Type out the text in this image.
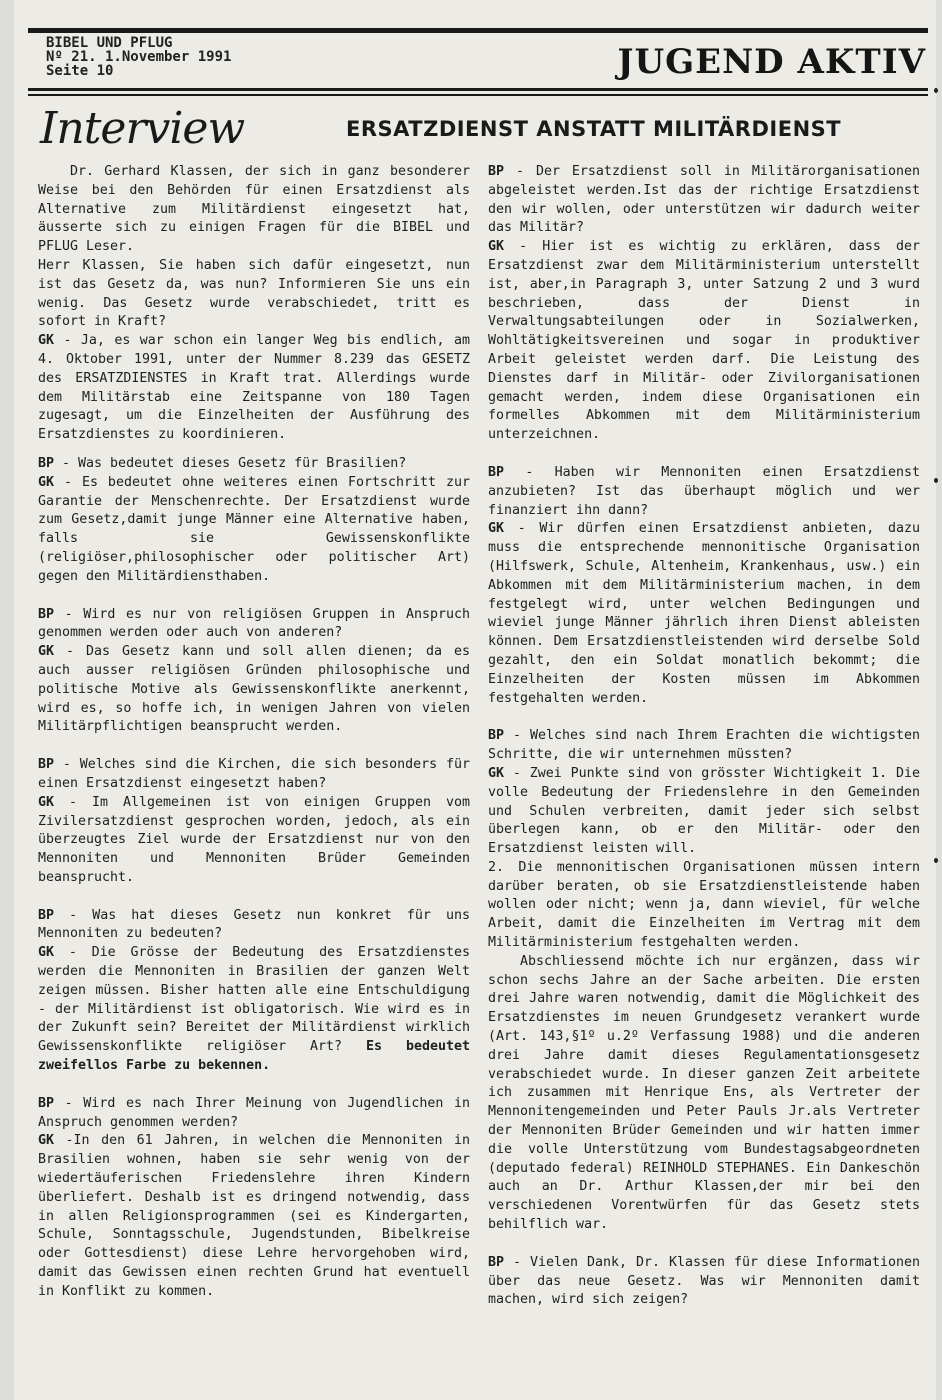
BIBEL UND PFLUG
Nº 21. 1.November 1991
Seite 10	JUGEND AKTIV
Interview	ERSATZDIENST ANSTATT MILITÄRDIENST

Dr. Gerhard Klassen, der sich in ganz besonderer Weise bei den Behörden für einen Ersatzdienst als Alternative zum Militärdienst eingesetzt hat, äusserte sich zu einigen Fragen für die BIBEL und PFLUG Leser.

Herr Klassen, Sie haben sich dafür eingesetzt, nun ist das Gesetz da, was nun? Informieren Sie uns ein wenig. Das Gesetz wurde verabschiedet, tritt es sofort in Kraft?

GK - Ja, es war schon ein langer Weg bis endlich, am 4. Oktober 1991, unter der Nummer 8.239 das GESETZ des ERSATZDIENSTES in Kraft trat. Allerdings wurde dem Militärstab eine Zeitspanne von 180 Tagen zugesagt, um die Einzelheiten der Ausführung des Ersatzdienstes zu koordinieren.

BP - Was bedeutet dieses Gesetz für Brasilien?

GK - Es bedeutet ohne weiteres einen Fortschritt zur Garantie der Menschenrechte. Der Ersatzdienst wurde zum Gesetz,damit junge Männer eine Alternative haben, falls sie Gewissenskonflikte (religiöser,philosophischer oder politischer Art) gegen den Militärdiensthaben.

BP - Wird es nur von religiösen Gruppen in Anspruch genommen werden oder auch von anderen?

GK - Das Gesetz kann und soll allen dienen; da es auch ausser religiösen Gründen philosophische und politische Motive als Gewissenskonflikte anerkennt, wird es, so hoffe ich, in wenigen Jahren von vielen Militärpflichtigen beansprucht werden.

BP - Welches sind die Kirchen, die sich besonders für einen Ersatzdienst eingesetzt haben?

GK - Im Allgemeinen ist von einigen Gruppen vom Zivilersatzdienst gesprochen worden, jedoch, als ein überzeugtes Ziel wurde der Ersatzdienst nur von den Mennoniten und Mennoniten Brüder Gemeinden beansprucht.

BP - Was hat dieses Gesetz nun konkret für uns Mennoniten zu bedeuten?

GK - Die Grösse der Bedeutung des Ersatzdienstes werden die Mennoniten in Brasilien der ganzen Welt zeigen müssen. Bisher hatten alle eine Entschuldigung - der Militärdienst ist obligatorisch. Wie wird es in der Zukunft sein? Bereitet der Militärdienst wirklich Gewissenskonflikte religiöser Art? Es bedeutet zweifellos Farbe zu bekennen.

BP - Wird es nach Ihrer Meinung von Jugendlichen in Anspruch genommen werden?

GK -In den 61 Jahren, in welchen die Mennoniten in Brasilien wohnen, haben sie sehr wenig von der wiedertäuferischen Friedenslehre ihren Kindern überliefert. Deshalb ist es dringend notwendig, dass in allen Religionsprogrammen (sei es Kindergarten, Schule, Sonntagsschule, Jugendstunden, Bibelkreise oder Gottesdienst) diese Lehre hervorgehoben wird, damit das Gewissen einen rechten Grund hat eventuell in Konflikt zu kommen.

BP - Der Ersatzdienst soll in Militärorganisationen abgeleistet werden.Ist das der richtige Ersatzdienst den wir wollen, oder unterstützen wir dadurch weiter das Militär?

GK - Hier ist es wichtig zu erklären, dass der Ersatzdienst zwar dem Militärministerium unterstellt ist, aber,in Paragraph 3, unter Satzung 2 und 3 wurd beschrieben, dass der Dienst in Verwaltungsabteilungen oder in Sozialwerken, Wohltätigkeitsvereinen und sogar in produktiver Arbeit geleistet werden darf. Die Leistung des Dienstes darf in Militär- oder Zivilorganisationen gemacht werden, indem diese Organisationen ein formelles Abkommen mit dem Militärministerium unterzeichnen.

BP - Haben wir Mennoniten einen Ersatzdienst anzubieten? Ist das überhaupt möglich und wer finanziert ihn dann?

GK - Wir dürfen einen Ersatzdienst anbieten, dazu muss die entsprechende mennonitische Organisation (Hilfswerk, Schule, Altenheim, Krankenhaus, usw.) ein Abkommen mit dem Militärministerium machen, in dem festgelegt wird, unter welchen Bedingungen und wieviel junge Männer jährlich ihren Dienst ableisten können. Dem Ersatzdienstleistenden wird derselbe Sold gezahlt, den ein Soldat monatlich bekommt; die Einzelheiten der Kosten müssen im Abkommen festgehalten werden.

BP - Welches sind nach Ihrem Erachten die wichtigsten Schritte, die wir unternehmen müssten?

GK - Zwei Punkte sind von grösster Wichtigkeit 1. Die volle Bedeutung der Friedenslehre in den Gemeinden und Schulen verbreiten, damit jeder sich selbst überlegen kann, ob er den Militär- oder den Ersatzdienst leisten will.

2. Die mennonitischen Organisationen müssen intern darüber beraten, ob sie Ersatzdienstleistende haben wollen oder nicht; wenn ja, dann wieviel, für welche Arbeit, damit die Einzelheiten im Vertrag mit dem Militärministerium festgehalten werden.

Abschliessend möchte ich nur ergänzen, dass wir schon sechs Jahre an der Sache arbeiten. Die ersten drei Jahre waren notwendig, damit die Möglichkeit des Ersatzdienstes im neuen Grundgesetz verankert wurde (Art. 143,§1º u.2º Verfassung 1988) und die anderen drei Jahre damit dieses Regulamentationsgesetz verabschiedet wurde. In dieser ganzen Zeit arbeitete ich zusammen mit Henrique Ens, als Vertreter der Mennonitengemeinden und Peter Pauls Jr.als Vertreter der Mennoniten Brüder Gemeinden und wir hatten immer die volle Unterstützung vom Bundestagsabgeordneten (deputado federal) REINHOLD STEPHANES. Ein Dankeschön auch an Dr. Arthur Klassen,der mir bei den verschiedenen Vorentwürfen für das Gesetz stets behilflich war.

BP - Vielen Dank, Dr. Klassen für diese Informationen über das neue Gesetz. Was wir Mennoniten damit machen, wird sich zeigen?
